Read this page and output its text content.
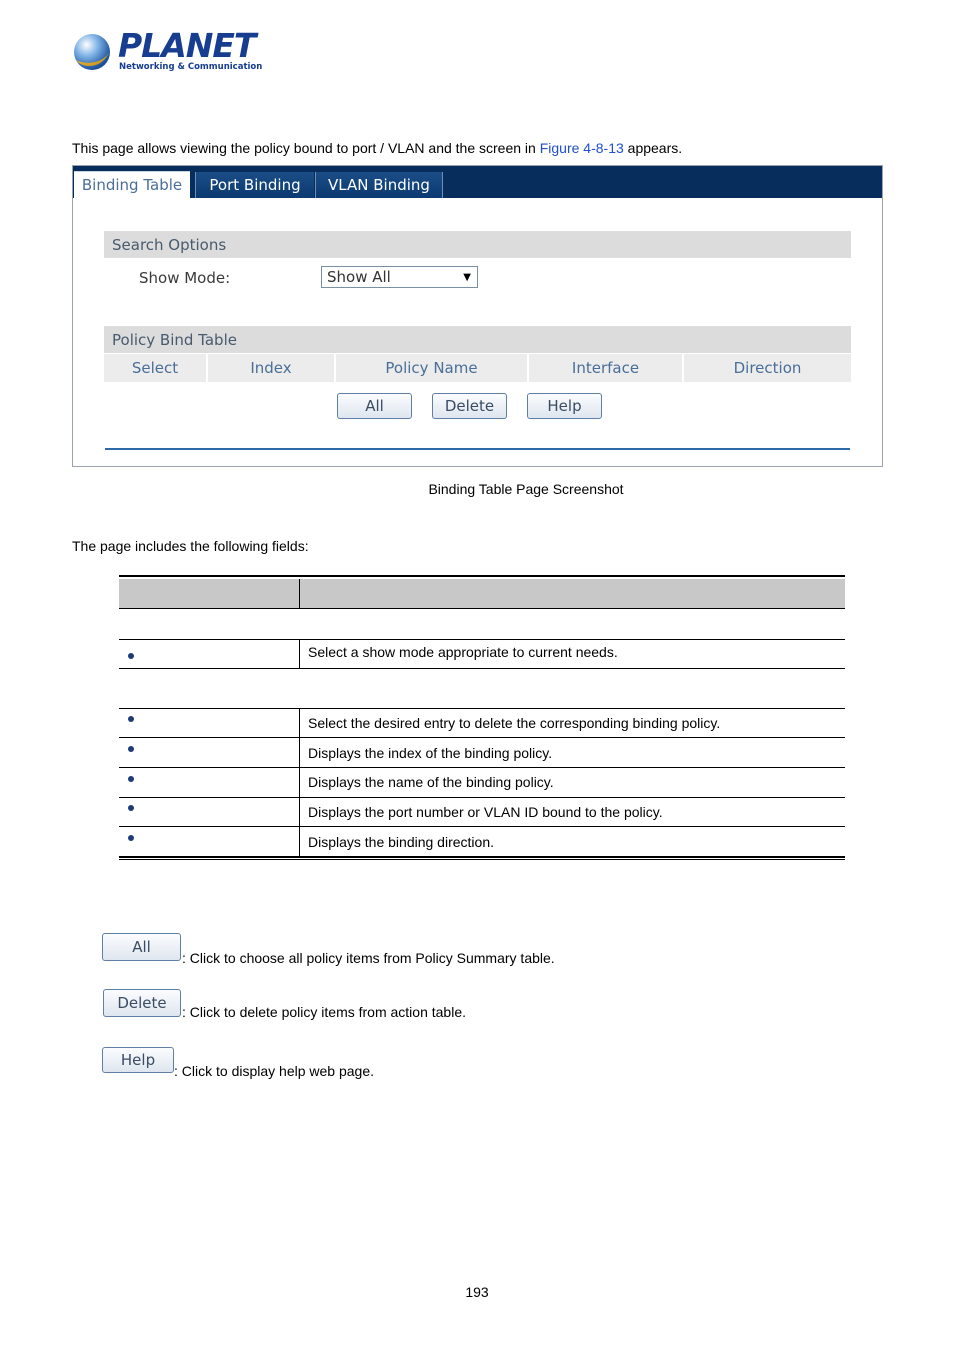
PLANET
Networking & Communication
This page allows viewing the policy bound to port / VLAN and the screen in Figure 4-8-13 appears.
Binding Table	Port Binding	VLAN Binding
Search Options
Show Mode:	Show All	▼
Policy Bind Table
Select	Index	Policy Name	Interface	Direction
All	Delete	Help
Binding Table Page Screenshot
The page includes the following fields:
Select a show mode appropriate to current needs.
Select the desired entry to delete the corresponding binding policy.
Displays the index of the binding policy.
Displays the name of the binding policy.
Displays the port number or VLAN ID bound to the policy.
Displays the binding direction.
All
: Click to choose all policy items from Policy Summary table.
Delete	: Click to delete policy items from action table.
Help
: Click to display help web page.
193
